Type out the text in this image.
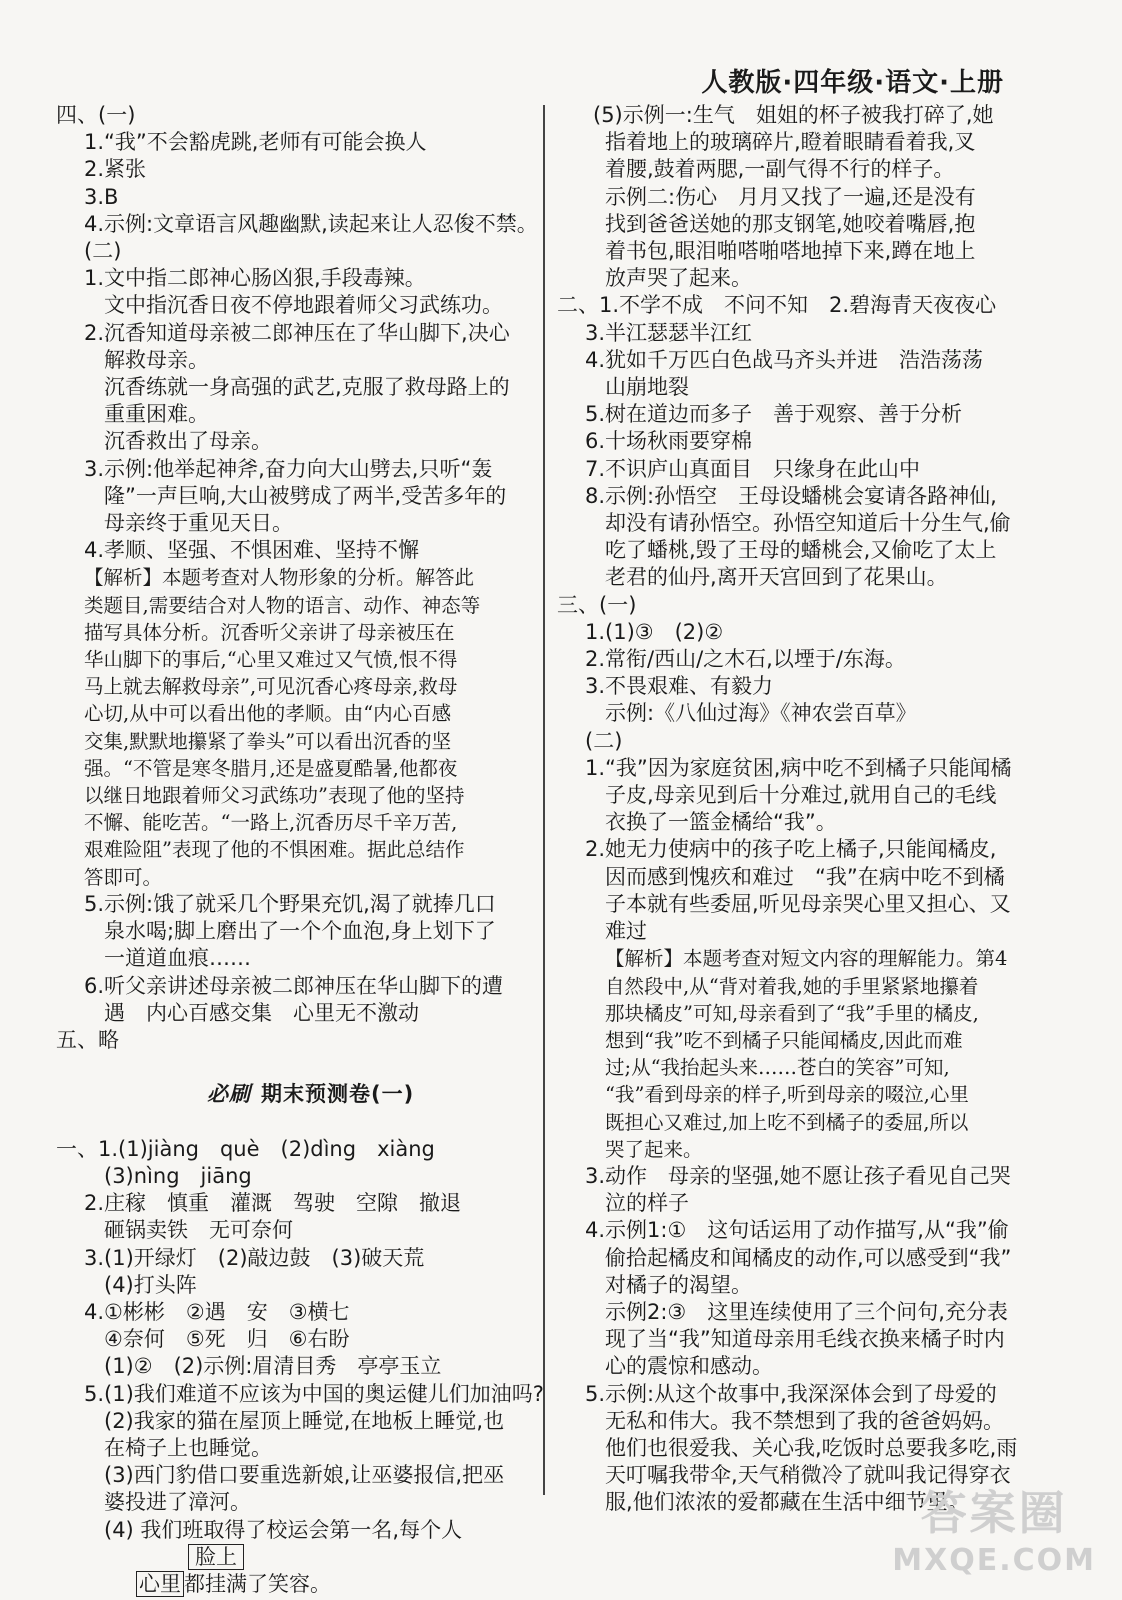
人教版·四年级·语文·上册
四、(一)
1.“我”不会豁虎跳,老师有可能会换人
2.紧张
3.B
4.示例:文章语言风趣幽默,读起来让人忍俊不禁。
(二)
1.文中指二郎神心肠凶狠,手段毒辣。
文中指沉香日夜不停地跟着师父习武练功。
2.沉香知道母亲被二郎神压在了华山脚下,决心
解救母亲。
沉香练就一身高强的武艺,克服了救母路上的
重重困难。
沉香救出了母亲。
3.示例:他举起神斧,奋力向大山劈去,只听“轰
隆”一声巨响,大山被劈成了两半,受苦多年的
母亲终于重见天日。
4.孝顺、坚强、不惧困难、坚持不懈
【解析】本题考查对人物形象的分析。解答此
类题目,需要结合对人物的语言、动作、神态等
描写具体分析。沉香听父亲讲了母亲被压在
华山脚下的事后,“心里又难过又气愤,恨不得
马上就去解救母亲”,可见沉香心疼母亲,救母
心切,从中可以看出他的孝顺。由“内心百感
交集,默默地攥紧了拳头”可以看出沉香的坚
强。“不管是寒冬腊月,还是盛夏酷暑,他都夜
以继日地跟着师父习武练功”表现了他的坚持
不懈、能吃苦。“一路上,沉香历尽千辛万苦,
艰难险阻”表现了他的不惧困难。据此总结作
答即可。
5.示例:饿了就采几个野果充饥,渴了就捧几口
泉水喝;脚上磨出了一个个血泡,身上划下了
一道道血痕……
6.听父亲讲述母亲被二郎神压在华山脚下的遭
遇　内心百感交集　心里无不激动
五、略

必刷 期末预测卷(一)

一、1.(1)jiàng　què　(2)dìng　xiàng
(3)nìng　jiāng
2.庄稼　慎重　灌溉　驾驶　空隙　撤退
砸锅卖铁　无可奈何
3.(1)开绿灯　(2)敲边鼓　(3)破天荒
(4)打头阵
4.①彬彬　②遇　安　③横七
④奈何　⑤死　归　⑥右盼
(1)②　(2)示例:眉清目秀　亭亭玉立
5.(1)我们难道不应该为中国的奥运健儿们加油吗?
(2)我家的猫在屋顶上睡觉,在地板上睡觉,也
在椅子上也睡觉。
(3)西门豹借口要重选新娘,让巫婆报信,把巫
婆投进了漳河。
(4) 我们班取得了校运会第一名,每个人
脸上
心里 都挂满了笑容。
(5)示例一:生气　姐姐的杯子被我打碎了,她
指着地上的玻璃碎片,瞪着眼睛看着我,叉
着腰,鼓着两腮,一副气得不行的样子。
示例二:伤心　月月又找了一遍,还是没有
找到爸爸送她的那支钢笔,她咬着嘴唇,抱
着书包,眼泪啪嗒啪嗒地掉下来,蹲在地上
放声哭了起来。
二、1.不学不成　不问不知　2.碧海青天夜夜心
3.半江瑟瑟半江红
4.犹如千万匹白色战马齐头并进　浩浩荡荡
山崩地裂
5.树在道边而多子　善于观察、善于分析
6.十场秋雨要穿棉
7.不识庐山真面目　只缘身在此山中
8.示例:孙悟空　王母设蟠桃会宴请各路神仙,
却没有请孙悟空。孙悟空知道后十分生气,偷
吃了蟠桃,毁了王母的蟠桃会,又偷吃了太上
老君的仙丹,离开天宫回到了花果山。
三、(一)
1.(1)③　(2)②
2.常衔/西山/之木石,以堙于/东海。
3.不畏艰难、有毅力
示例:《八仙过海》《神农尝百草》
(二)
1.“我”因为家庭贫困,病中吃不到橘子只能闻橘
子皮,母亲见到后十分难过,就用自己的毛线
衣换了一篮金橘给“我”。
2.她无力使病中的孩子吃上橘子,只能闻橘皮,
因而感到愧疚和难过　“我”在病中吃不到橘
子本就有些委屈,听见母亲哭心里又担心、又
难过
【解析】本题考查对短文内容的理解能力。第4
自然段中,从“背对着我,她的手里紧紧地攥着
那块橘皮”可知,母亲看到了“我”手里的橘皮,
想到“我”吃不到橘子只能闻橘皮,因此而难
过;从“我抬起头来……苍白的笑容”可知,
“我”看到母亲的样子,听到母亲的啜泣,心里
既担心又难过,加上吃不到橘子的委屈,所以
哭了起来。
3.动作　母亲的坚强,她不愿让孩子看见自己哭
泣的样子
4.示例1:①　这句话运用了动作描写,从“我”偷
偷拾起橘皮和闻橘皮的动作,可以感受到“我”
对橘子的渴望。
示例2:③　这里连续使用了三个问句,充分表
现了当“我”知道母亲用毛线衣换来橘子时内
心的震惊和感动。
5.示例:从这个故事中,我深深体会到了母爱的
无私和伟大。我不禁想到了我的爸爸妈妈。
他们也很爱我、关心我,吃饭时总要我多吃,雨
天叮嘱我带伞,天气稍微冷了就叫我记得穿衣
服,他们浓浓的爱都藏在生活中细节里。
答案圈
MXQE.COM
